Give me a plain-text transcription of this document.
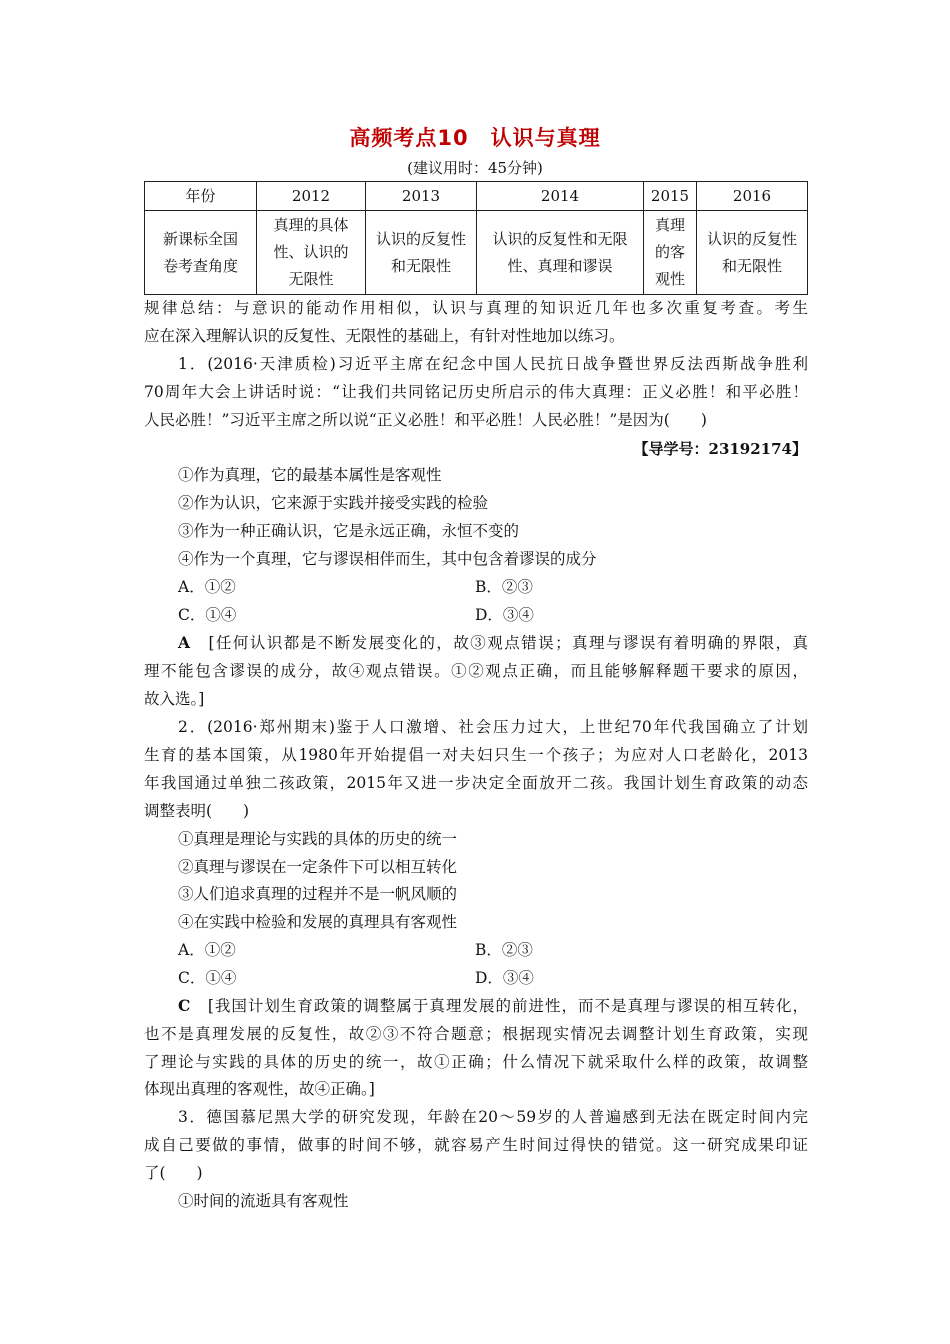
高频考点10　认识与真理
(建议用时：45分钟)
年份	2012	2013	2014	2015	2016
新课标全国卷考查角度	真理的具体性、认识的无限性	认识的反复性和无限性	认识的反复性和无限性、真理和谬误	真理的客观性	认识的反复性和无限性
规律总结：与意识的能动作用相似，认识与真理的知识近几年也多次重复考查。考生
应在深入理解认识的反复性、无限性的基础上，有针对性地加以练习。
1．(2016·天津质检)习近平主席在纪念中国人民抗日战争暨世界反法西斯战争胜利
70周年大会上讲话时说：“让我们共同铭记历史所启示的伟大真理：正义必胜！和平必胜！
人民必胜！”习近平主席之所以说“正义必胜！和平必胜！人民必胜！”是因为(　　)
【导学号：23192174】
①作为真理，它的最基本属性是客观性
②作为认识，它来源于实践并接受实践的检验
③作为一种正确认识，它是永远正确，永恒不变的
④作为一个真理，它与谬误相伴而生，其中包含着谬误的成分
A．①②	B．②③
C．①④	D．③④
A　 [任何认识都是不断发展变化的，故③观点错误；真理与谬误有着明确的界限，真
理不能包含谬误的成分，故④观点错误。①②观点正确，而且能够解释题干要求的原因，
故入选。]
2．(2016·郑州期末)鉴于人口激增、社会压力过大，上世纪70年代我国确立了计划
生育的基本国策，从1980年开始提倡一对夫妇只生一个孩子；为应对人口老龄化，2013
年我国通过单独二孩政策，2015年又进一步决定全面放开二孩。我国计划生育政策的动态
调整表明(　　)
①真理是理论与实践的具体的历史的统一
②真理与谬误在一定条件下可以相互转化
③人们追求真理的过程并不是一帆风顺的
④在实践中检验和发展的真理具有客观性
A．①②	B．②③
C．①④	D．③④
C　 [我国计划生育政策的调整属于真理发展的前进性，而不是真理与谬误的相互转化，
也不是真理发展的反复性，故②③不符合题意；根据现实情况去调整计划生育政策，实现
了理论与实践的具体的历史的统一，故①正确；什么情况下就采取什么样的政策，故调整
体现出真理的客观性，故④正确。]
3．德国慕尼黑大学的研究发现，年龄在20～59岁的人普遍感到无法在既定时间内完
成自己要做的事情，做事的时间不够，就容易产生时间过得快的错觉。这一研究成果印证
了(　　)
①时间的流逝具有客观性
